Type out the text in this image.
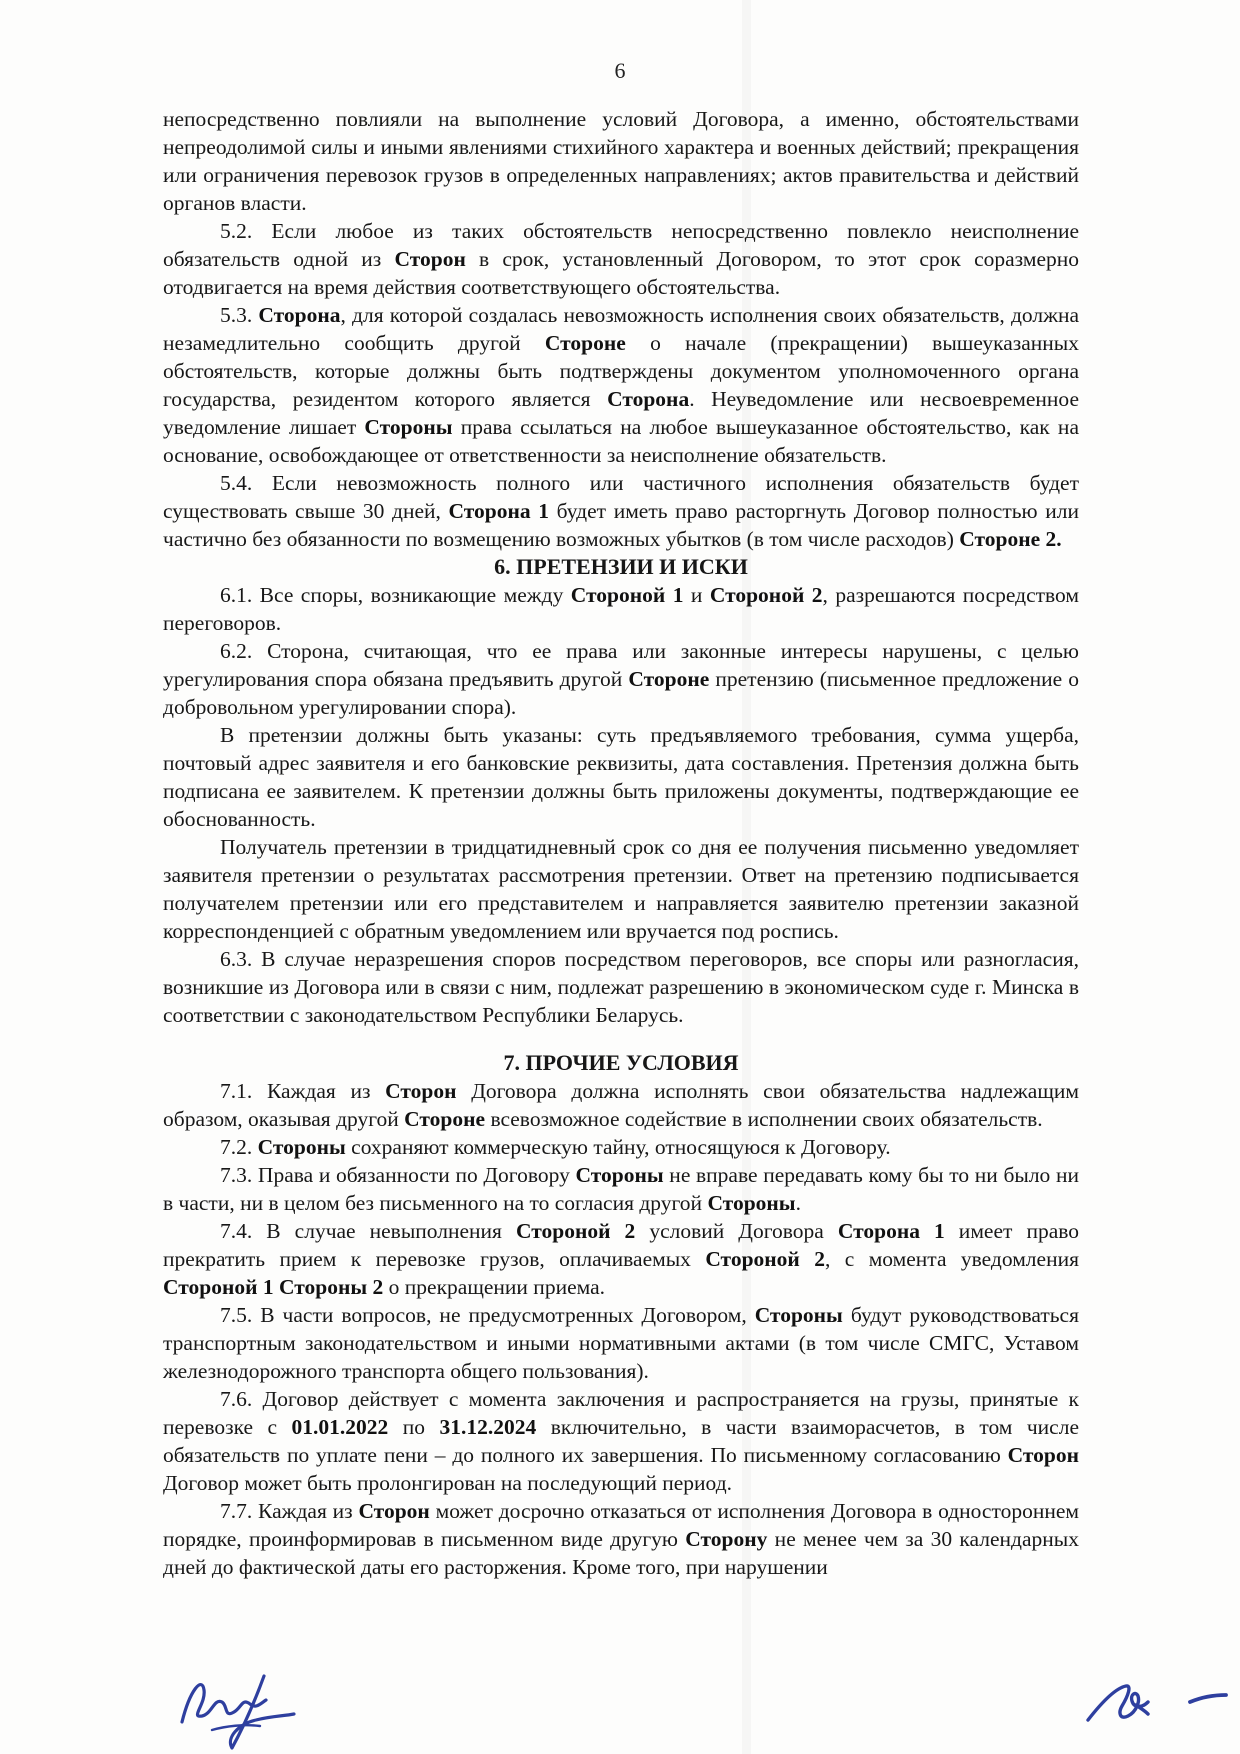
6

непосредственно повлияли на выполнение условий Договора, а именно, обстоятельствами непреодолимой силы и иными явлениями стихийного характера и военных действий; прекращения или ограничения перевозок грузов в определенных направлениях; актов правительства и действий органов власти.

5.2. Если любое из таких обстоятельств непосредственно повлекло неисполнение обязательств одной из Сторон в срок, установленный Договором, то этот срок соразмерно отодвигается на время действия соответствующего обстоятельства.

5.3. Сторона, для которой создалась невозможность исполнения своих обязательств, должна незамедлительно сообщить другой Стороне о начале (прекращении) вышеуказанных обстоятельств, которые должны быть подтверждены документом уполномоченного органа государства, резидентом которого является Сторона. Неуведомление или несвоевременное уведомление лишает Стороны права ссылаться на любое вышеуказанное обстоятельство, как на основание, освобождающее от ответственности за неисполнение обязательств.

5.4. Если невозможность полного или частичного исполнения обязательств будет существовать свыше 30 дней, Сторона 1 будет иметь право расторгнуть Договор полностью или частично без обязанности по возмещению возможных убытков (в том числе расходов) Стороне 2.

6. ПРЕТЕНЗИИ И ИСКИ

6.1. Все споры, возникающие между Стороной 1 и Стороной 2, разрешаются посредством переговоров.

6.2. Сторона, считающая, что ее права или законные интересы нарушены, с целью урегулирования спора обязана предъявить другой Стороне претензию (письменное предложение о добровольном урегулировании спора).

В претензии должны быть указаны: суть предъявляемого требования, сумма ущерба, почтовый адрес заявителя и его банковские реквизиты, дата составления. Претензия должна быть подписана ее заявителем. К претензии должны быть приложены документы, подтверждающие ее обоснованность.

Получатель претензии в тридцатидневный срок со дня ее получения письменно уведомляет заявителя претензии о результатах рассмотрения претензии. Ответ на претензию подписывается получателем претензии или его представителем и направляется заявителю претензии заказной корреспонденцией с обратным уведомлением или вручается под роспись.

6.3. В случае неразрешения споров посредством переговоров, все споры или разногласия, возникшие из Договора или в связи с ним, подлежат разрешению в экономическом суде г. Минска в соответствии с законодательством Республики Беларусь.

7. ПРОЧИЕ УСЛОВИЯ

7.1. Каждая из Сторон Договора должна исполнять свои обязательства надлежащим образом, оказывая другой Стороне всевозможное содействие в исполнении своих обязательств.

7.2. Стороны сохраняют коммерческую тайну, относящуюся к Договору.

7.3. Права и обязанности по Договору Стороны не вправе передавать кому бы то ни было ни в части, ни в целом без письменного на то согласия другой Стороны.

7.4. В случае невыполнения Стороной 2 условий Договора Сторона 1 имеет право прекратить прием к перевозке грузов, оплачиваемых Стороной 2, с момента уведомления Стороной 1 Стороны 2 о прекращении приема.

7.5. В части вопросов, не предусмотренных Договором, Стороны будут руководствоваться транспортным законодательством и иными нормативными актами (в том числе СМГС, Уставом железнодорожного транспорта общего пользования).

7.6. Договор действует с момента заключения и распространяется на грузы, принятые к перевозке с 01.01.2022 по 31.12.2024 включительно, в части взаиморасчетов, в том числе обязательств по уплате пени – до полного их завершения. По письменному согласованию Сторон Договор может быть пролонгирован на последующий период.

7.7. Каждая из Сторон может досрочно отказаться от исполнения Договора в одностороннем порядке, проинформировав в письменном виде другую Сторону не менее чем за 30 календарных дней до фактической даты его расторжения. Кроме того, при нарушении
